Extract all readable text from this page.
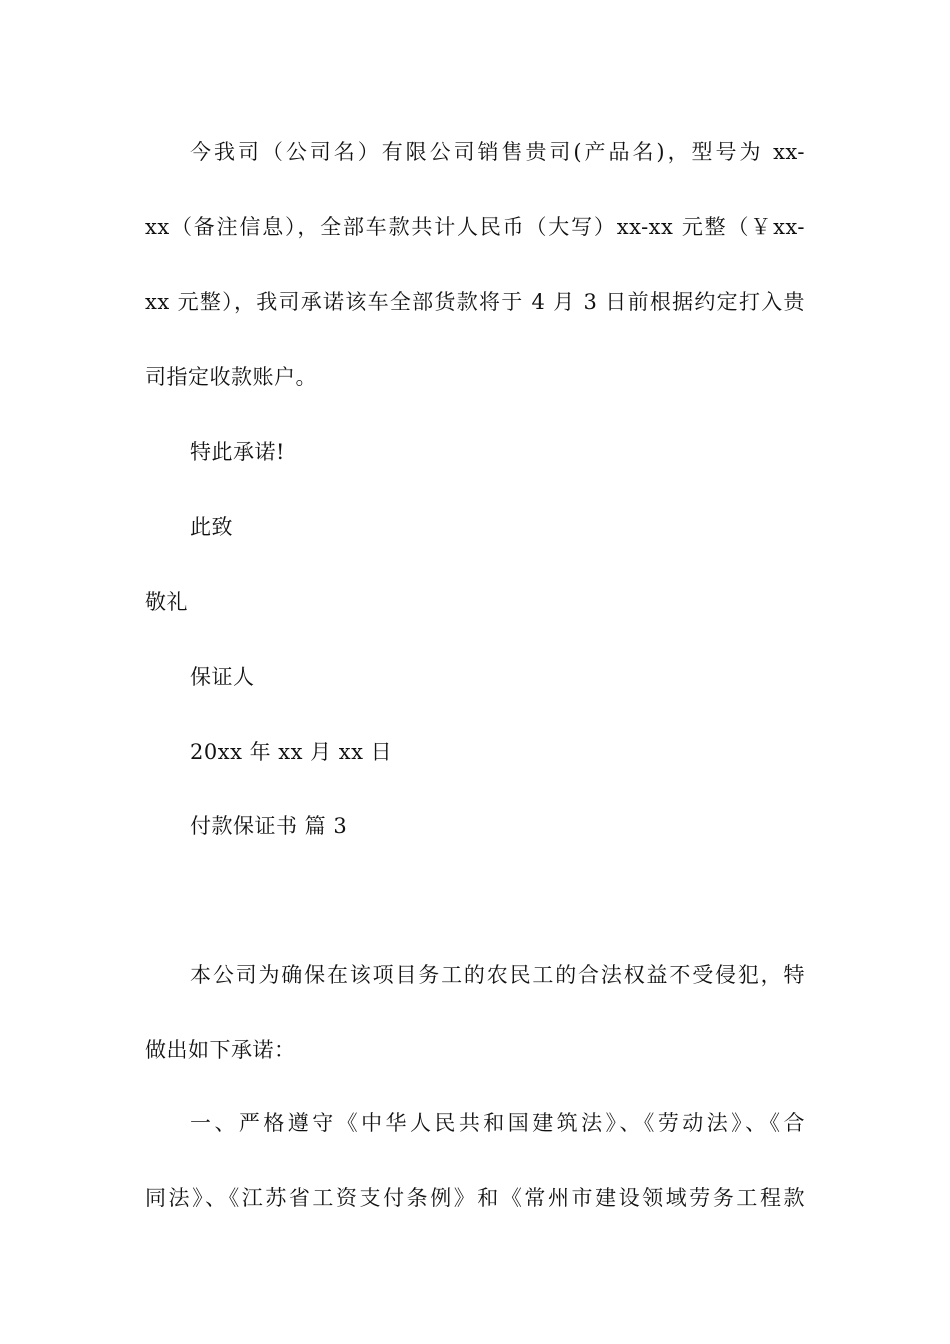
今我司（公司名）有限公司销售贵司(产品名)，型号为 xx-
xx（备注信息），全部车款共计人民币（大写）xx-xx 元整（￥xx-
xx 元整），我司承诺该车全部货款将于 4 月 3 日前根据约定打入贵
司指定收款账户。
特此承诺!
此致
敬礼
保证人
20xx 年 xx 月 xx 日
付款保证书 篇 3
本公司为确保在该项目务工的农民工的合法权益不受侵犯，特
做出如下承诺：
一、严格遵守《中华人民共和国建筑法》、《劳动法》、《合
同法》、《江苏省工资支付条例》和《常州市建设领域劳务工程款
